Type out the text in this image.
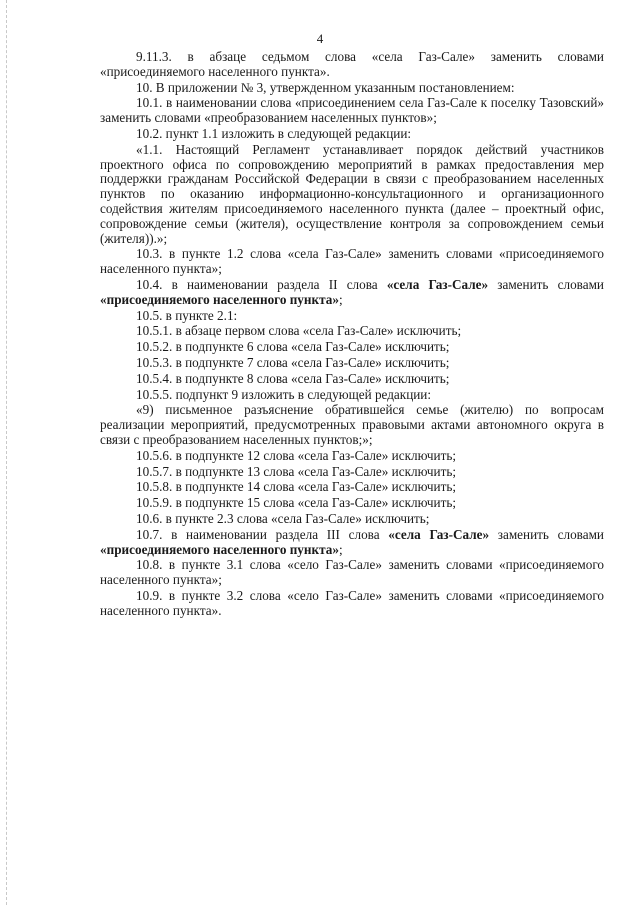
4

9.11.3. в абзаце седьмом слова «села Газ-Сале» заменить словами «присоединяемого населенного пункта».

10. В приложении № 3, утвержденном указанным постановлением:

10.1. в наименовании слова «присоединением села Газ-Сале к поселку Тазовский» заменить словами «преобразованием населенных пунктов»;

10.2. пункт 1.1 изложить в следующей редакции:

«1.1. Настоящий Регламент устанавливает порядок действий участников проектного офиса по сопровождению мероприятий в рамках предоставления мер поддержки гражданам Российской Федерации в связи с преобразованием населенных пунктов по оказанию информационно-консультационного и организационного содействия жителям присоединяемого населенного пункта (далее – проектный офис, сопровождение семьи (жителя), осуществление контроля за сопровождением семьи (жителя)).»;

10.3. в пункте 1.2 слова «села Газ-Сале» заменить словами «присоединяемого населенного пункта»;

10.4. в наименовании раздела II слова «села Газ-Сале» заменить словами «присоединяемого населенного пункта»;

10.5. в пункте 2.1:

10.5.1. в абзаце первом слова «села Газ-Сале» исключить;

10.5.2. в подпункте 6 слова «села Газ-Сале» исключить;

10.5.3. в подпункте 7 слова «села Газ-Сале» исключить;

10.5.4. в подпункте 8 слова «села Газ-Сале» исключить;

10.5.5. подпункт 9 изложить в следующей редакции:

«9) письменное разъяснение обратившейся семье (жителю) по вопросам реализации мероприятий, предусмотренных правовыми актами автономного округа в связи с преобразованием населенных пунктов;»;

10.5.6. в подпункте 12 слова «села Газ-Сале» исключить;

10.5.7. в подпункте 13 слова «села Газ-Сале» исключить;

10.5.8. в подпункте 14 слова «села Газ-Сале» исключить;

10.5.9. в подпункте 15 слова «села Газ-Сале» исключить;

10.6. в пункте 2.3 слова «села Газ-Сале» исключить;

10.7. в наименовании раздела III слова «села Газ-Сале» заменить словами «присоединяемого населенного пункта»;

10.8. в пункте 3.1 слова «село Газ-Сале» заменить словами «присоединяемого населенного пункта»;

10.9. в пункте 3.2 слова «село Газ-Сале» заменить словами «присоединяемого населенного пункта».
